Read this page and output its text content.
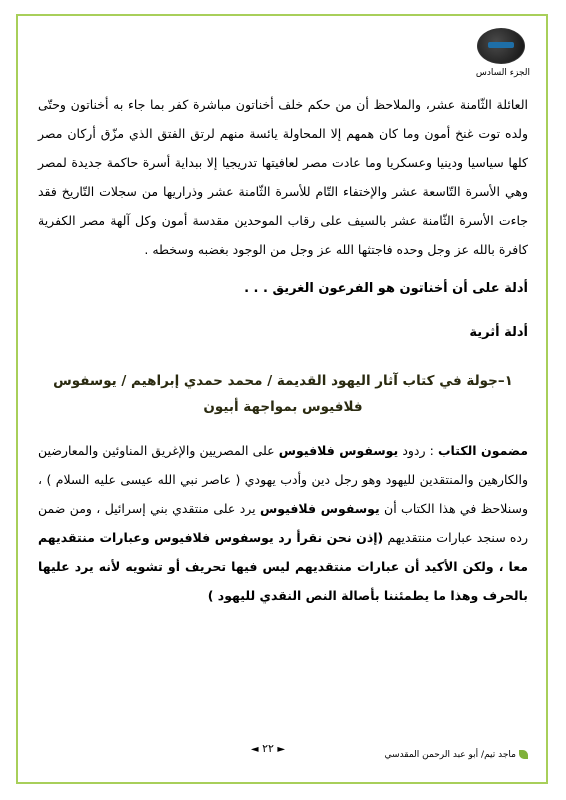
الجزء السادس

العائلة الثّامنة عشر، والملاحظ أن من حكم خلف أخناتون مباشرة كفر بما جاء به أخناتون وحتّى ولده توت غنخ أمون وما كان همهم إلا المحاولة يائسة منهم لرتق الفتق الذي مزّق أركان مصر كلها سياسيا ودينيا وعسكريا وما عادت مصر لعافيتها تدريجيا إلا ببداية أسرة حاكمة جديدة لمصر وهي الأسرة التّاسعة عشر والإختفاء التّام للأسرة الثّامنة عشر وذراريها من سجلات التّاريخ فقد جاءت الأسرة الثّامنة عشر بالسيف على رقاب الموحدين مقدسة أمون وكل آلهة مصر الكفرية كافرة بالله عز وجل وحده فاجتثها الله عز وجل من الوجود بغضبه وسخطه .

أدلة على أن أخناتون هو الفرعون الغريق . . .

أدلة أثرية

١–جولة في كتاب آثار اليهود القديمة / محمد حمدي إبراهيم / يوسفوس فلافيوس بمواجهة أبيون

مضمون الكتاب : ردود يوسفوس فلافيوس على المصريين والإغريق المناوئين والمعارضين والكارهين والمنتقدين لليهود وهو رجل دين وأدب يهودي ( عاصر نبي الله عيسى عليه السلام ) ، وسنلاحظ في هذا الكتاب أن يوسفوس فلافيوس يرد على منتقدي بني إسرائيل ، ومن ضمن رده سنجد عبارات منتقديهم (إذن نحن نقرأ رد يوسفوس فلافيوس وعبارات منتقديهم معا ، ولكن الأكيد أن عبارات منتقديهم ليس فيها تحريف أو تشويه لأنه يرد عليها بالحرف وهذا ما يطمئننا بأصالة النص النقدي لليهود )

ماجد تيم/ أبو عبد الرحمن المقدسي
◄ ٢٢ ►
